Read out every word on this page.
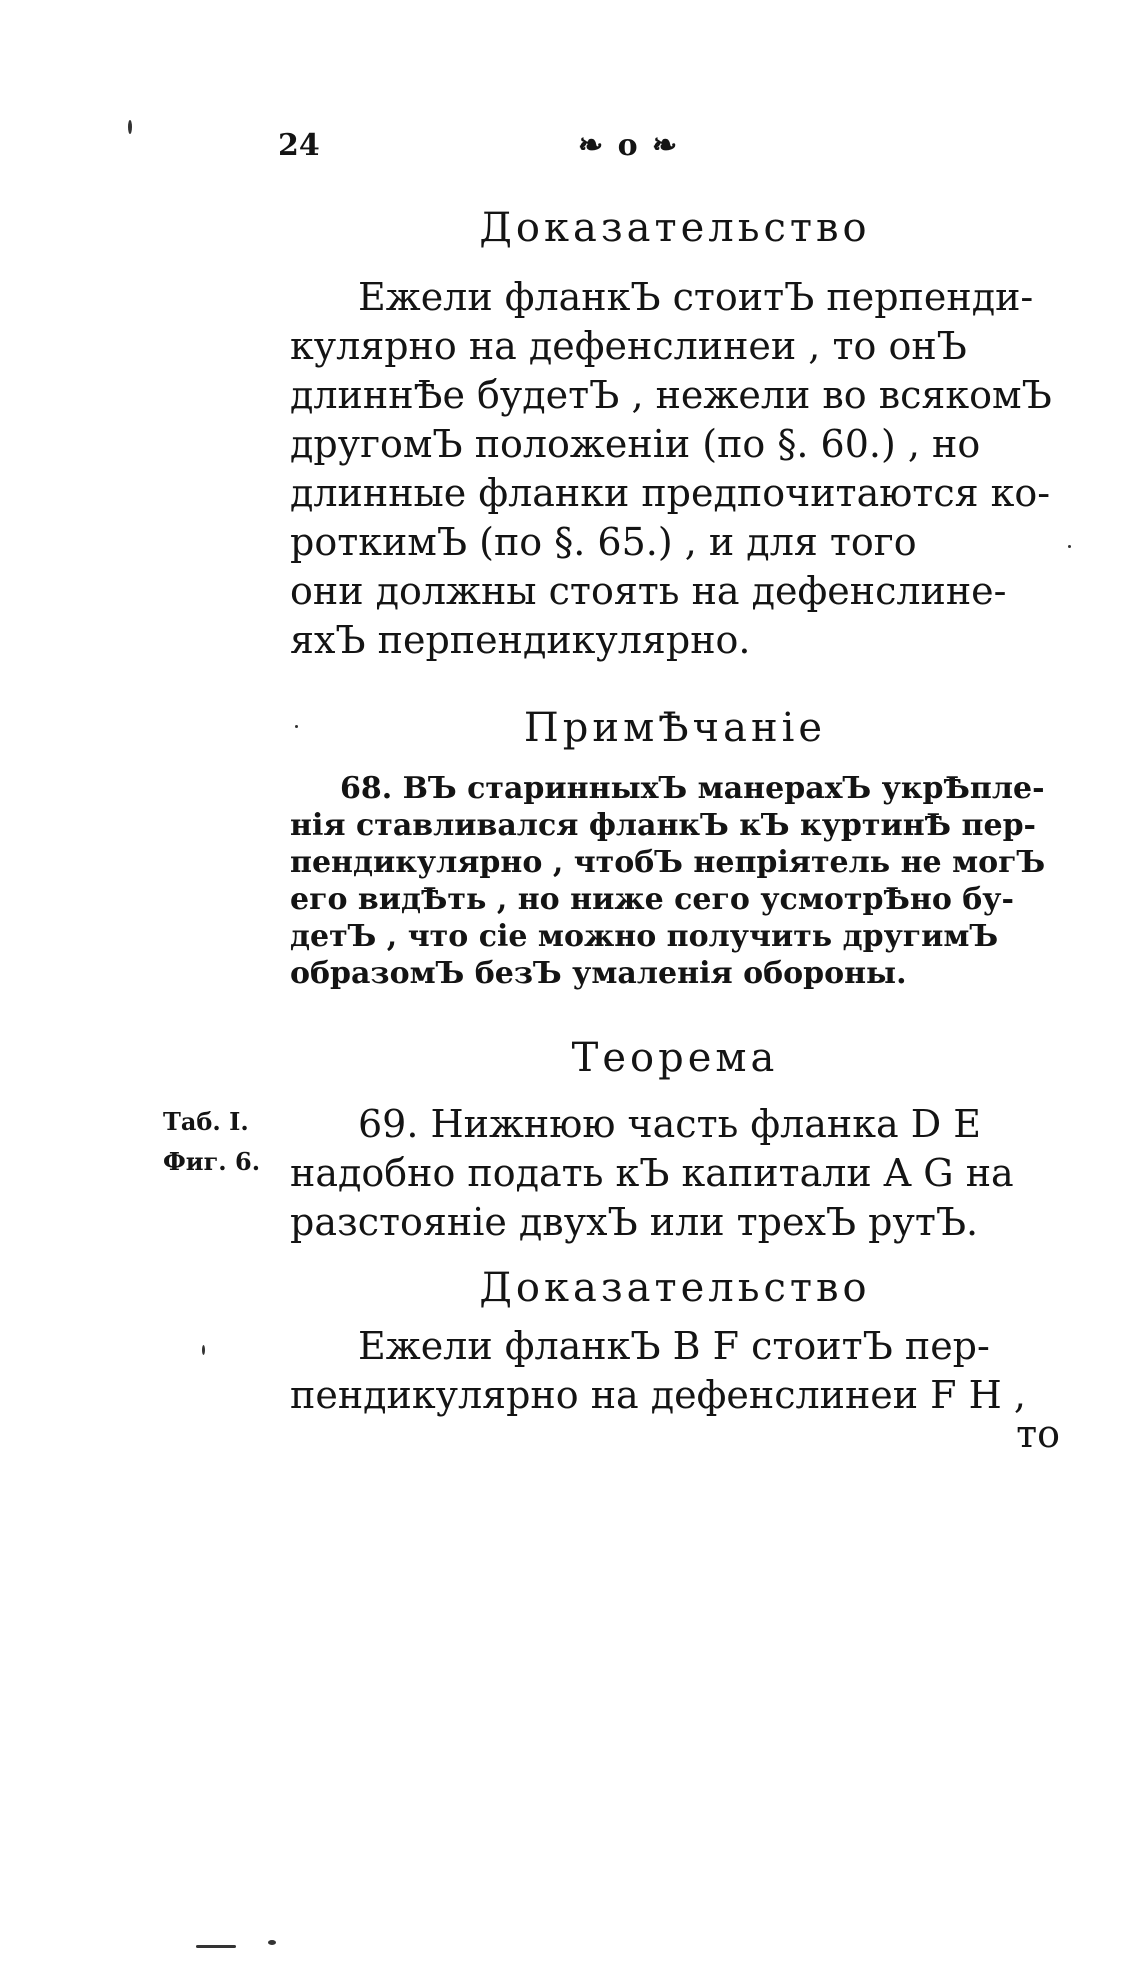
24	❧ o ❧
Доказательство
Ежели фланкЪ стоитЪ перпенди-
кулярно на дефенслинеи , то онЪ
длиннѢе будетЪ , нежели во всякомЪ
другомЪ положенiи (по §. 60.) , но
длинные фланки предпочитаются ко-
роткимЪ (по §. 65.) , и для того
они должны стоять на дефенслине-
яхЪ перпендикулярно.
ПримѢчанiе
68. ВЪ старинныхЪ манерахЪ укрѢпле-
нiя ставливался фланкЪ кЪ куртинѢ пер-
пендикулярно , чтобЪ непрiятель не могЪ
его видѢть , но ниже сего усмотрѢно бу-
детЪ , что сiе можно получить другимЪ
образомЪ безЪ умаленiя обороны.
Теорема
Таб. I.
Фиг. 6.
69. Нижнюю часть фланка D E
надобно подать кЪ капитали A G на
разстоянiе двухЪ или трехЪ рутЪ.
Доказательство
Ежели фланкЪ B F стоитЪ пер-
пендикулярно на дефенслинеи F H ,
то
